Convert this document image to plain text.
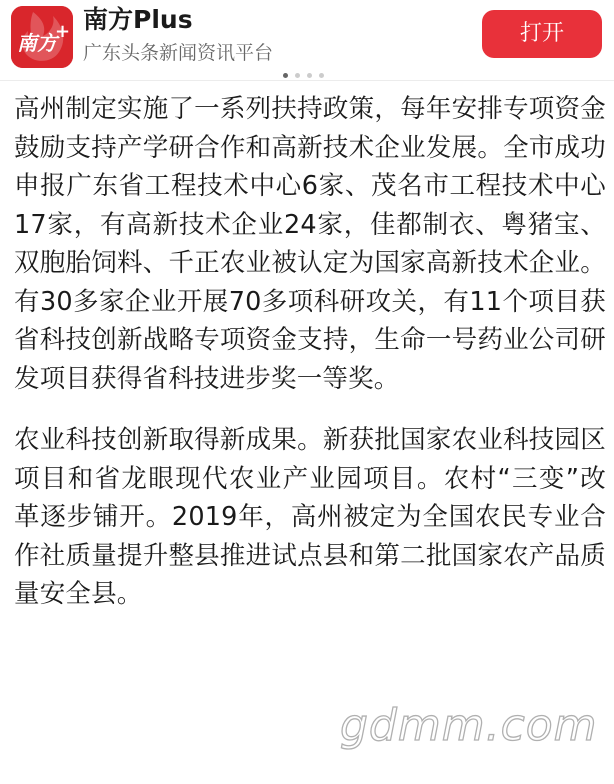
南方
+ 南方Plus
广东头条新闻资讯平台
打开

高州制定实施了一系列扶持政策，每年安排专项资金鼓励支持产学研合作和高新技术企业发展。全市成功申报广东省工程技术中心6家、茂名市工程技术中心17家，有高新技术企业24家，佳都制衣、粤猪宝、双胞胎饲料、千正农业被认定为国家高新技术企业。有30多家企业开展70多项科研攻关，有11个项目获省科技创新战略专项资金支持，生命一号药业公司研发项目获得省科技进步奖一等奖。

农业科技创新取得新成果。新获批国家农业科技园区项目和省龙眼现代农业产业园项目。农村“三变”改革逐步铺开。2019年，高州被定为全国农民专业合作社质量提升整县推进试点县和第二批国家农产品质量安全县。

gdmm.com
